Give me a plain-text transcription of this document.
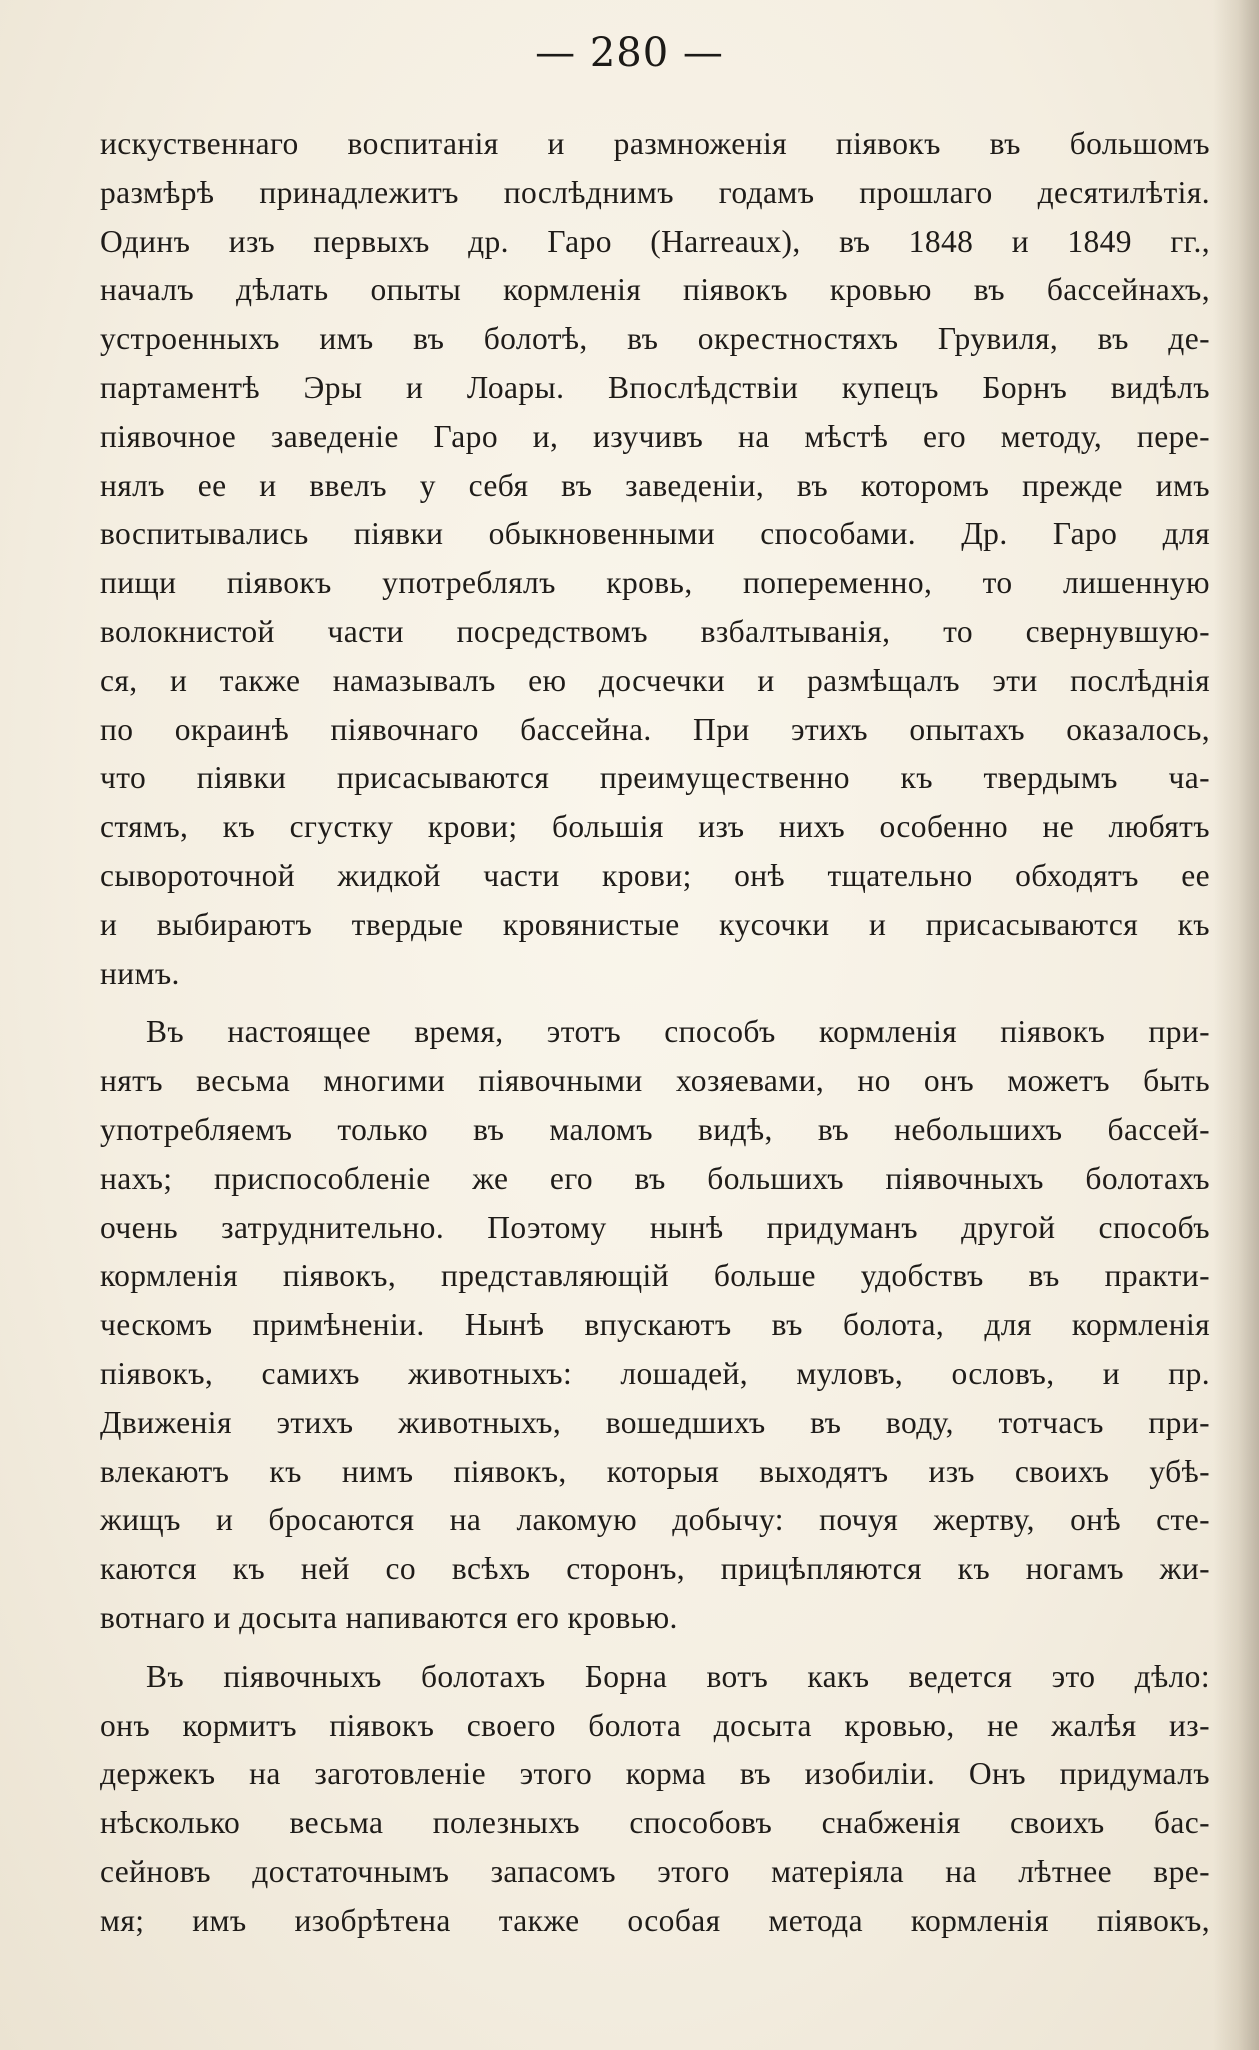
— 280 —
искуственнаго воспитанія и размноженія піявокъ въ большомъ
размѣрѣ принадлежитъ послѣднимъ годамъ прошлаго десятилѣтія.
Одинъ изъ первыхъ др. Гаро (Harreaux), въ 1848 и 1849 гг.,
началъ дѣлать опыты кормленія піявокъ кровью въ бассейнахъ,
устроенныхъ имъ въ болотѣ, въ окрестностяхъ Грувиля, въ де-
партаментѣ Эры и Лоары. Впослѣдствіи купецъ Борнъ видѣлъ
піявочное заведеніе Гаро и, изучивъ на мѣстѣ его методу, пере-
нялъ ее и ввелъ у себя въ заведеніи, въ которомъ прежде имъ
воспитывались піявки обыкновенными способами. Др. Гаро для
пищи піявокъ употреблялъ кровь, попеременно, то лишенную
волокнистой части посредствомъ взбалтыванія, то свернувшую-
ся, и также намазывалъ ею досчечки и размѣщалъ эти послѣднія
по окраинѣ піявочнаго бассейна. При этихъ опытахъ оказалось,
что піявки присасываются преимущественно къ твердымъ ча-
стямъ, къ сгустку крови; большія изъ нихъ особенно не любятъ
сывороточной жидкой части крови; онѣ тщательно обходятъ ее
и выбираютъ твердые кровянистые кусочки и присасываются къ
нимъ.
Въ настоящее время, этотъ способъ кормленія піявокъ при-
нятъ весьма многими піявочными хозяевами, но онъ можетъ быть
употребляемъ только въ маломъ видѣ, въ небольшихъ бассей-
нахъ; приспособленіе же его въ большихъ піявочныхъ болотахъ
очень затруднительно. Поэтому нынѣ придуманъ другой способъ
кормленія піявокъ, представляющій больше удобствъ въ практи-
ческомъ примѣненіи. Нынѣ впускаютъ въ болота, для кормленія
піявокъ, самихъ животныхъ: лошадей, муловъ, ословъ, и пр.
Движенія этихъ животныхъ, вошедшихъ въ воду, тотчасъ при-
влекаютъ къ нимъ піявокъ, которыя выходятъ изъ своихъ убѣ-
жищъ и бросаются на лакомую добычу: почуя жертву, онѣ сте-
каются къ ней со всѣхъ сторонъ, прицѣпляются къ ногамъ жи-
вотнаго и досыта напиваются его кровью.
Въ піявочныхъ болотахъ Борна вотъ какъ ведется это дѣло:
онъ кормитъ піявокъ своего болота досыта кровью, не жалѣя из-
держекъ на заготовленіе этого корма въ изобиліи. Онъ придумалъ
нѣсколько весьма полезныхъ способовъ снабженія своихъ бас-
сейновъ достаточнымъ запасомъ этого матеріяла на лѣтнее вре-
мя; имъ изобрѣтена также особая метода кормленія піявокъ,
